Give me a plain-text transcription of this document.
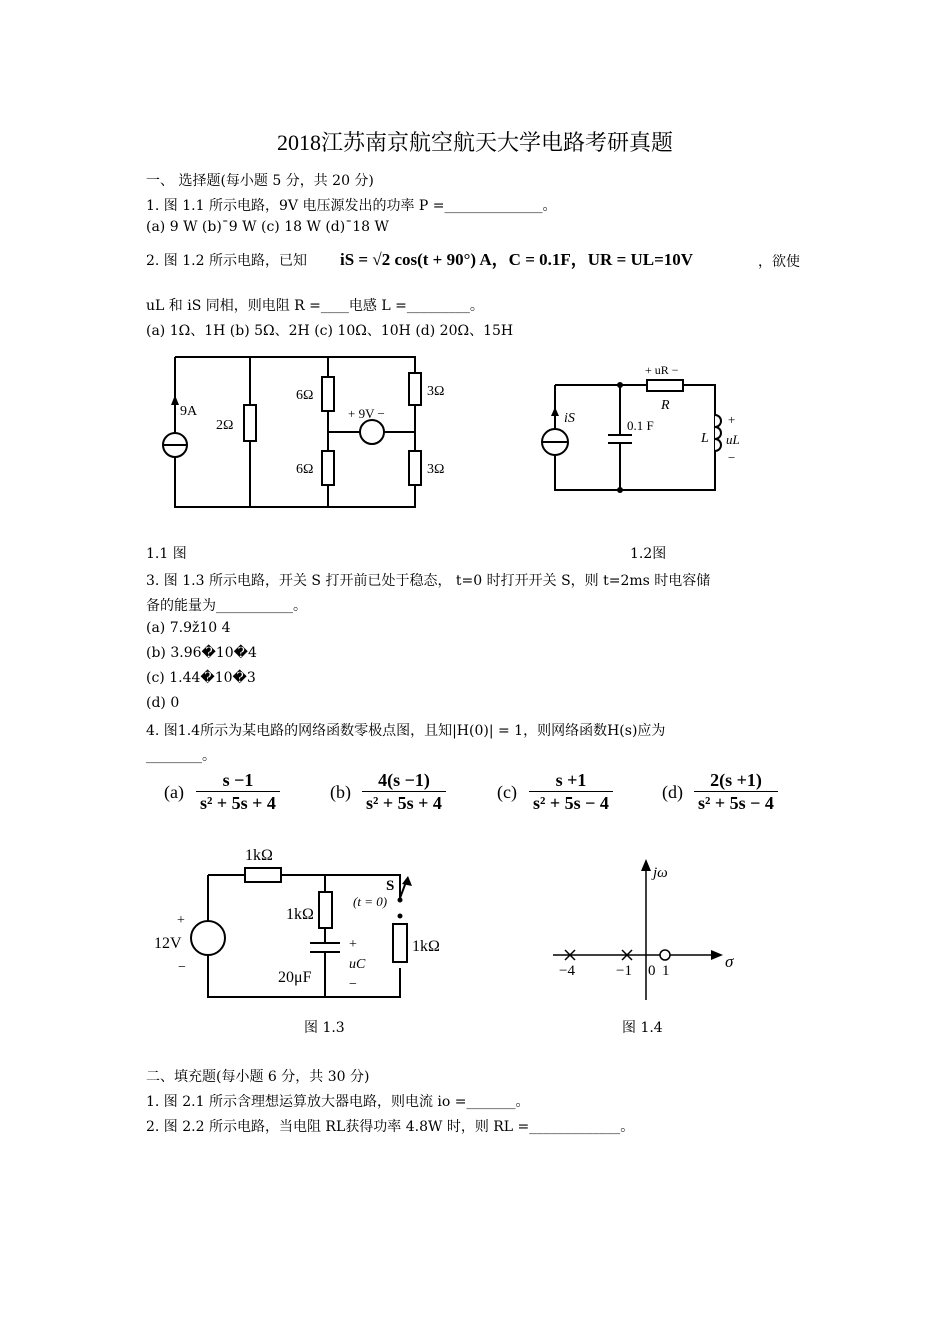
2018江苏南京航空航天大学电路考研真题
一、 选择题(每小题 5 分，共 20 分)
1. 图 1.1 所示电路，9V 电压源发出的功率 P =______________。
(a) 9 W (b)ˉ9 W (c) 18 W (d)ˉ18 W
2. 图 1.2 所示电路，已知 iS = √2 cos(t + 90°) A，C = 0.1F，UR = UL=10V	，欲使
uL 和 iS 同相，则电阻 R =____电感 L =_________。
(a) 1Ω、1H (b) 5Ω、2H (c) 10Ω、10H (d) 20Ω、15H
9A
2Ω
6Ω
6Ω
3Ω
3Ω
+ 9V −	iS	0.1 F
+ uR −
R
L
+
uL
−
1.1 图	1.2图
3. 图 1.3 所示电路，开关 S 打开前已处于稳态， t=0 时打开开关 S，则 t=2ms 时电容储
备的能量为___________。
(a) 7.9ž10 4
(b) 3.96�10�4
(c) 1.44�10�3
(d) 0
4. 图1.4所示为某电路的网络函数零极点图，且知|H(0)| = 1，则网络函数H(s)应为
________。
$(a) \frac{s -1}{\text{s² + 5s + 4}}$	$(b) \frac{4(s -1)}{\text{s² + 5s + 4}}$	$(c) \frac{s +1}{\text{s² + 5s − 4}}$	$(d) \frac{2(s +1)}{\text{s² + 5s − 4}}$
1kΩ
1kΩ
1kΩ
12V
+
−
20μF
+
uC
−
S
(t = 0)
jω
σ
−4	−1 0 1
图 1.3	图 1.4
二、填充题(每小题 6 分，共 30 分)
1. 图 2.1 所示含理想运算放大器电路，则电流 io =_______。
2. 图 2.2 所示电路，当电阻 RL获得功率 4.8W 时，则 RL =_____________。
